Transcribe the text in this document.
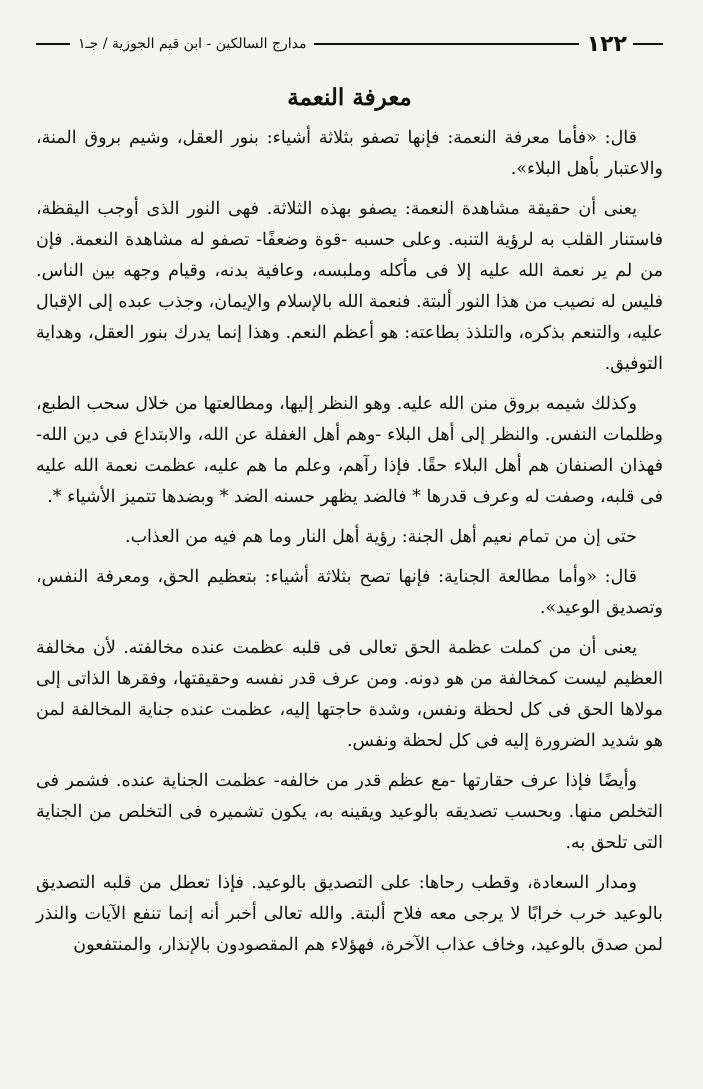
١٢٢
مدارج السالكين - ابن قيم الجوزية / جـ١
معرفة النعمة

قال: «فأما معرفة النعمة: فإنها تصفو بثلاثة أشياء: بنور العقل، وشيم بروق المنة، والاعتبار بأهل البلاء».

يعنى أن حقيقة مشاهدة النعمة: يصفو بهذه الثلاثة. فهى النور الذى أوجب اليقظة، فاستنار القلب به لرؤية التنبه. وعلى حسبه -قوة وضعفًا- تصفو له مشاهدة النعمة. فإن من لم ير نعمة الله عليه إلا فى مأكله وملبسه، وعافية بدنه، وقيام وجهه بين الناس. فليس له نصيب من هذا النور ألبتة. فنعمة الله بالإسلام والإيمان، وجذب عبده إلى الإقبال عليه، والتنعم بذكره، والتلذذ بطاعته: هو أعظم النعم. وهذا إنما يدرك بنور العقل، وهداية التوفيق.

وكذلك شيمه بروق منن الله عليه. وهو النظر إليها، ومطالعتها من خلال سحب الطبع، وظلمات النفس. والنظر إلى أهل البلاء -وهم أهل الغفلة عن الله، والابتداع فى دين الله- فهذان الصنفان هم أهل البلاء حقًا. فإذا رآهم، وعلم ما هم عليه، عظمت نعمة الله عليه فى قلبه، وصفت له وعرف قدرها * فالضد يظهر حسنه الضد * وبضدها تتميز الأشياء *.

حتى إن من تمام نعيم أهل الجنة: رؤية أهل النار وما هم فيه من العذاب.

قال: «وأما مطالعة الجناية: فإنها تصح بثلاثة أشياء: بتعظيم الحق، ومعرفة النفس، وتصديق الوعيد».

يعنى أن من كملت عظمة الحق تعالى فى قلبه عظمت عنده مخالفته. لأن مخالفة العظيم ليست كمخالفة من هو دونه. ومن عرف قدر نفسه وحقيقتها، وفقرها الذاتى إلى مولاها الحق فى كل لحظة ونفس، وشدة حاجتها إليه، عظمت عنده جناية المخالفة لمن هو شديد الضرورة إليه فى كل لحظة ونفس.

وأيضًا فإذا عرف حقارتها -مع عظم قدر من خالفه- عظمت الجناية عنده. فشمر فى التخلص منها. وبحسب تصديقه بالوعيد ويقينه به، يكون تشميره فى التخلص من الجناية التى تلحق به.

ومدار السعادة، وقطب رحاها: على التصديق بالوعيد. فإذا تعطل من قلبه التصديق بالوعيد خرب خرابًا لا يرجى معه فلاح ألبتة. والله تعالى أخبر أنه إنما تنفع الآيات والنذر لمن صدق بالوعيد، وخاف عذاب الآخرة، فهؤلاء هم المقصودون بالإنذار، والمنتفعون
